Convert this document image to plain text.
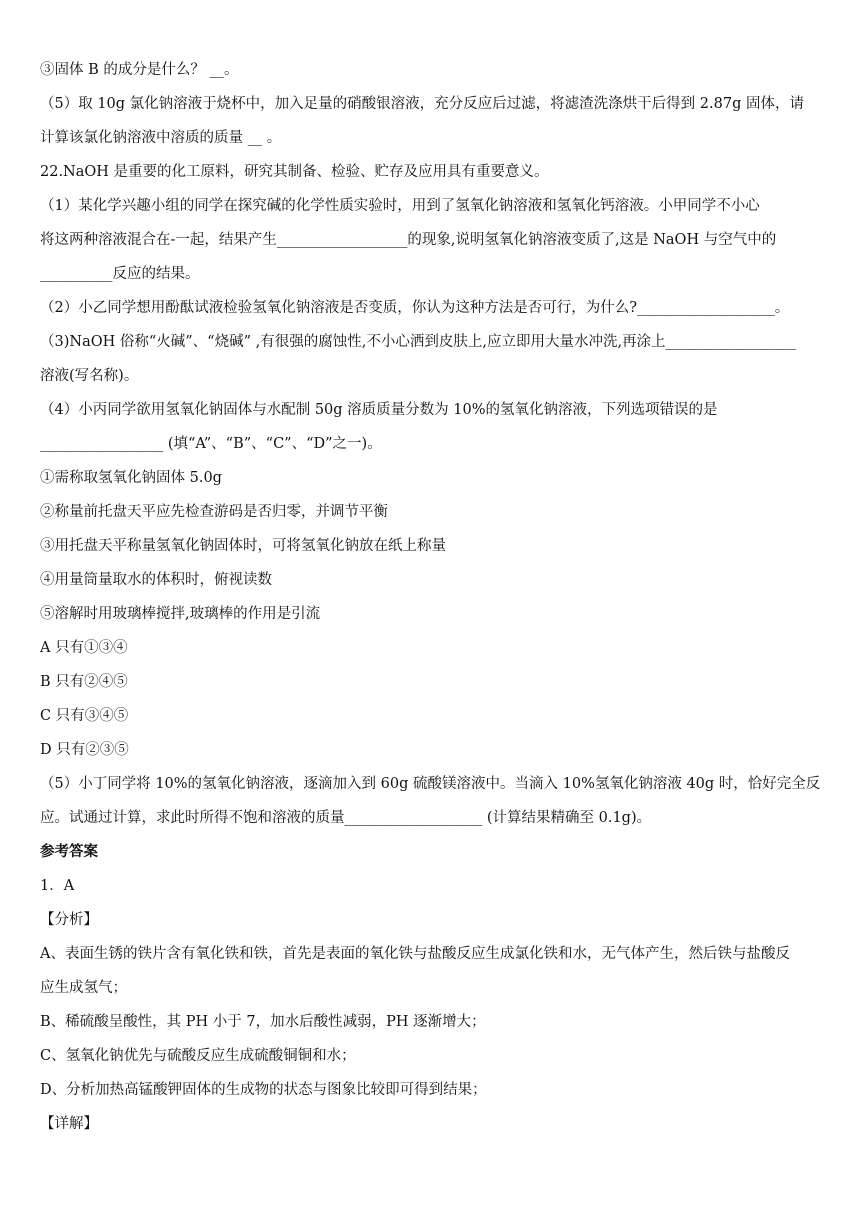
③固体 B 的成分是什么？ __。
（5）取 10g 氯化钠溶液于烧杯中，加入足量的硝酸银溶液，充分反应后过滤，将滤渣洗涤烘干后得到 2.87g 固体，请
计算该氯化钠溶液中溶质的质量 __ 。
22.NaOH 是重要的化工原料，研究其制备、检验、贮存及应用具有重要意义。
（1）某化学兴趣小组的同学在探究碱的化学性质实验时，用到了氢氧化钠溶液和氢氧化钙溶液。小甲同学不小心
将这两种溶液混合在-一起，结果产生__________________的现象,说明氢氧化钠溶液变质了,这是 NaOH 与空气中的
__________反应的结果。
（2）小乙同学想用酚酞试液检验氢氧化钠溶液是否变质，你认为这种方法是否可行，为什么?___________________。
（3)NaOH 俗称“火碱”、“烧碱” ,有很强的腐蚀性,不小心洒到皮肤上,应立即用大量水冲洗,再涂上__________________
溶液(写名称)。
（4）小丙同学欲用氢氧化钠固体与水配制 50g 溶质质量分数为 10%的氢氧化钠溶液，下列选项错误的是
_________________ (填“A”、“B”、“C”、“D”之一)。
①需称取氢氧化钠固体 5.0g
②称量前托盘天平应先检查游码是否归零，并调节平衡
③用托盘天平称量氢氧化钠固体时，可将氢氧化钠放在纸上称量
④用量筒量取水的体积时，俯视读数
⑤溶解时用玻璃棒搅拌,玻璃棒的作用是引流
A 只有①③④
B 只有②④⑤
C 只有③④⑤
D 只有②③⑤
（5）小丁同学将 10%的氢氧化钠溶液，逐滴加入到 60g 硫酸镁溶液中。当滴入 10%氢氧化钠溶液 40g 时，恰好完全反
应。试通过计算，求此时所得不饱和溶液的质量___________________ (计算结果精确至 0.1g)。
参考答案
1．A
【分析】
A、表面生锈的铁片含有氧化铁和铁，首先是表面的氧化铁与盐酸反应生成氯化铁和水，无气体产生，然后铁与盐酸反
应生成氢气；
B、稀硫酸呈酸性，其 PH 小于 7，加水后酸性减弱，PH 逐渐增大；
C、氢氧化钠优先与硫酸反应生成硫酸铜铜和水；
D、分析加热高锰酸钾固体的生成物的状态与图象比较即可得到结果；
【详解】
